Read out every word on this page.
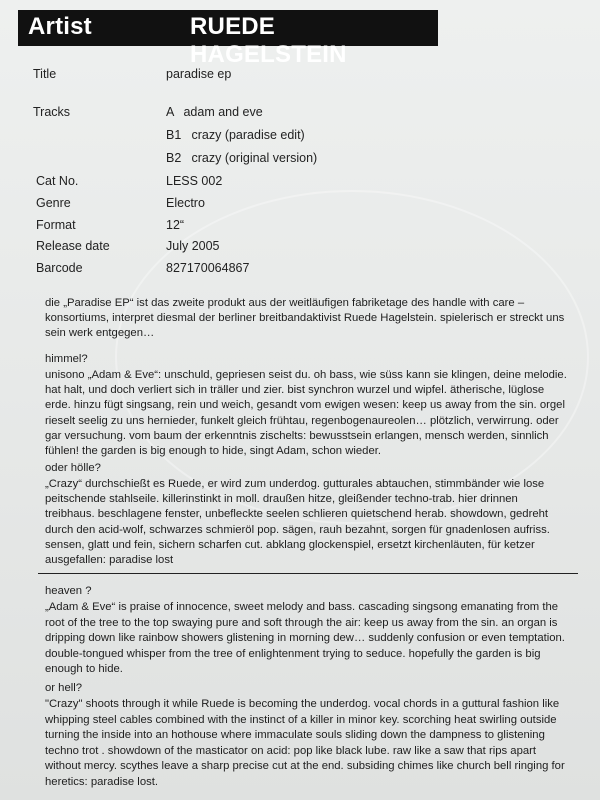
Artist	RUEDE HAGELSTEIN
Title	paradise ep
Tracks	A adam and eve
B1 crazy (paradise edit)
B2 crazy (original version)
Cat No.	LESS 002
Genre	Electro
Format	12“
Release date	July 2005
Barcode	827170064867

die „Paradise EP“ ist das zweite produkt aus der weitläufigen fabriketage des handle with care – konsortiums, interpret diesmal der berliner breitbandaktivist Ruede Hagelstein. spielerisch er streckt uns sein werk entgegen…

himmel?

unisono „Adam & Eve“: unschuld, gepriesen seist du. oh bass, wie süss kann sie klingen, deine melodie. hat halt, und doch verliert sich in träller und zier. bist synchron wurzel und wipfel. ätherische, lüglose erde. hinzu fügt singsang, rein und weich, gesandt vom ewigen wesen: keep us away from the sin. orgel rieselt seelig zu uns hernieder, funkelt gleich frühtau, regenbogenaureolen… plötzlich, verwirrung. oder gar versuchung. vom baum der erkenntnis zischelts: bewusstsein erlangen, mensch werden, sinnlich fühlen! the garden is big enough to hide, singt Adam, schon wieder.

oder hölle?

„Crazy“ durchschießt es Ruede, er wird zum underdog. gutturales abtauchen, stimmbänder wie lose peitschende stahlseile. killerinstinkt in moll. draußen hitze, gleißender techno-trab. hier drinnen treibhaus. beschlagene fenster, unbefleckte seelen schlieren quietschend herab. showdown, gedreht durch den acid-wolf, schwarzes schmieröl pop. sägen, rauh bezahnt, sorgen für gnadenlosen aufriss. sensen, glatt und fein, sichern scharfen cut. abklang glockenspiel, ersetzt kirchenläuten, für ketzer ausgefallen: paradise lost

heaven ?

„Adam & Eve“ is praise of innocence, sweet melody and bass. cascading singsong emanating from the root of the tree to the top swaying pure and soft through the air: keep us away from the sin. an organ is dripping down like rainbow showers glistening in morning dew… suddenly confusion or even temptation. double-tongued whisper from the tree of enlightenment trying to seduce. hopefully the garden is big enough to hide.

or hell?

"Crazy" shoots through it while Ruede is becoming the underdog. vocal chords in a guttural fashion like whipping steel cables combined with the instinct of a killer in minor key. scorching heat swirling outside turning the inside into an hothouse where immaculate souls sliding down the dampness to glistening techno trot . showdown of the masticator on acid: pop like black lube. raw like a saw that rips apart without mercy. scythes leave a sharp precise cut at the end. subsiding chimes like church bell ringing for heretics: paradise lost.
